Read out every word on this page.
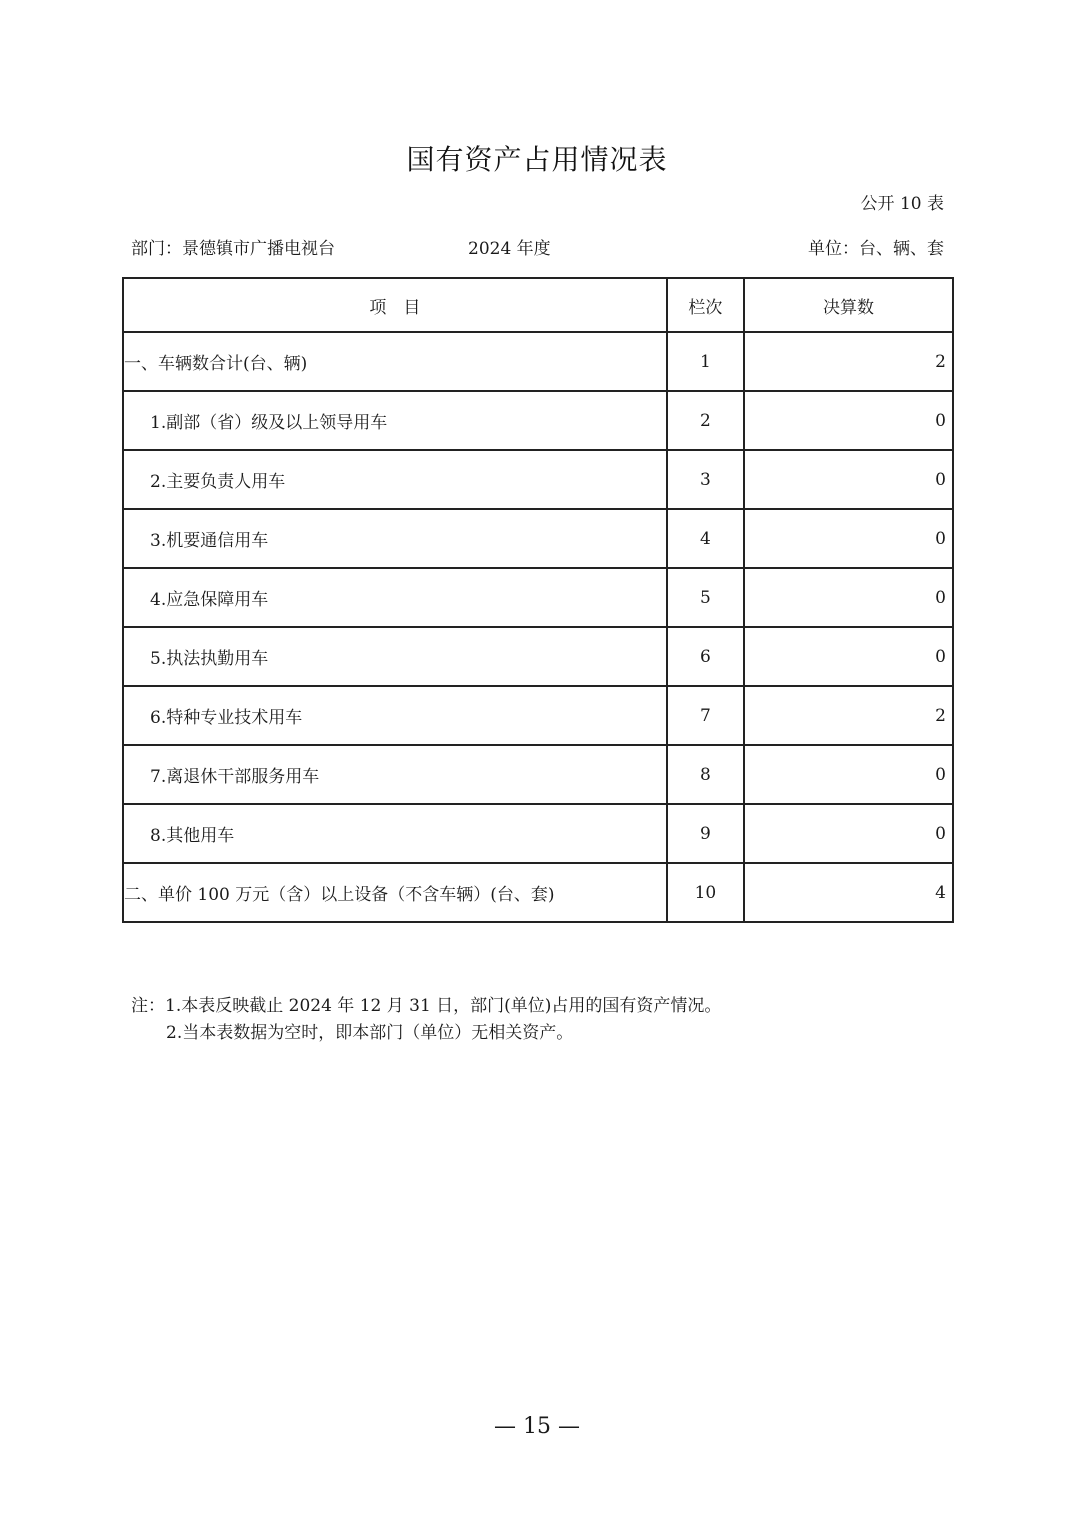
国有资产占用情况表
公开 10 表
部门：景德镇市广播电视台	2024 年度	单位：台、辆、套
项　目	栏次	决算数
一、车辆数合计(台、辆)	1	2
1.副部（省）级及以上领导用车	2	0
2.主要负责人用车	3	0
3.机要通信用车	4	0
4.应急保障用车	5	0
5.执法执勤用车	6	0
6.特种专业技术用车	7	2
7.离退休干部服务用车	8	0
8.其他用车	9	0
二、单价 100 万元（含）以上设备（不含车辆）(台、套)	10	4
注：1.本表反映截止 2024 年 12 月 31 日，部门(单位)占用的国有资产情况。
2.当本表数据为空时，即本部门（单位）无相关资产。
— 15 —
